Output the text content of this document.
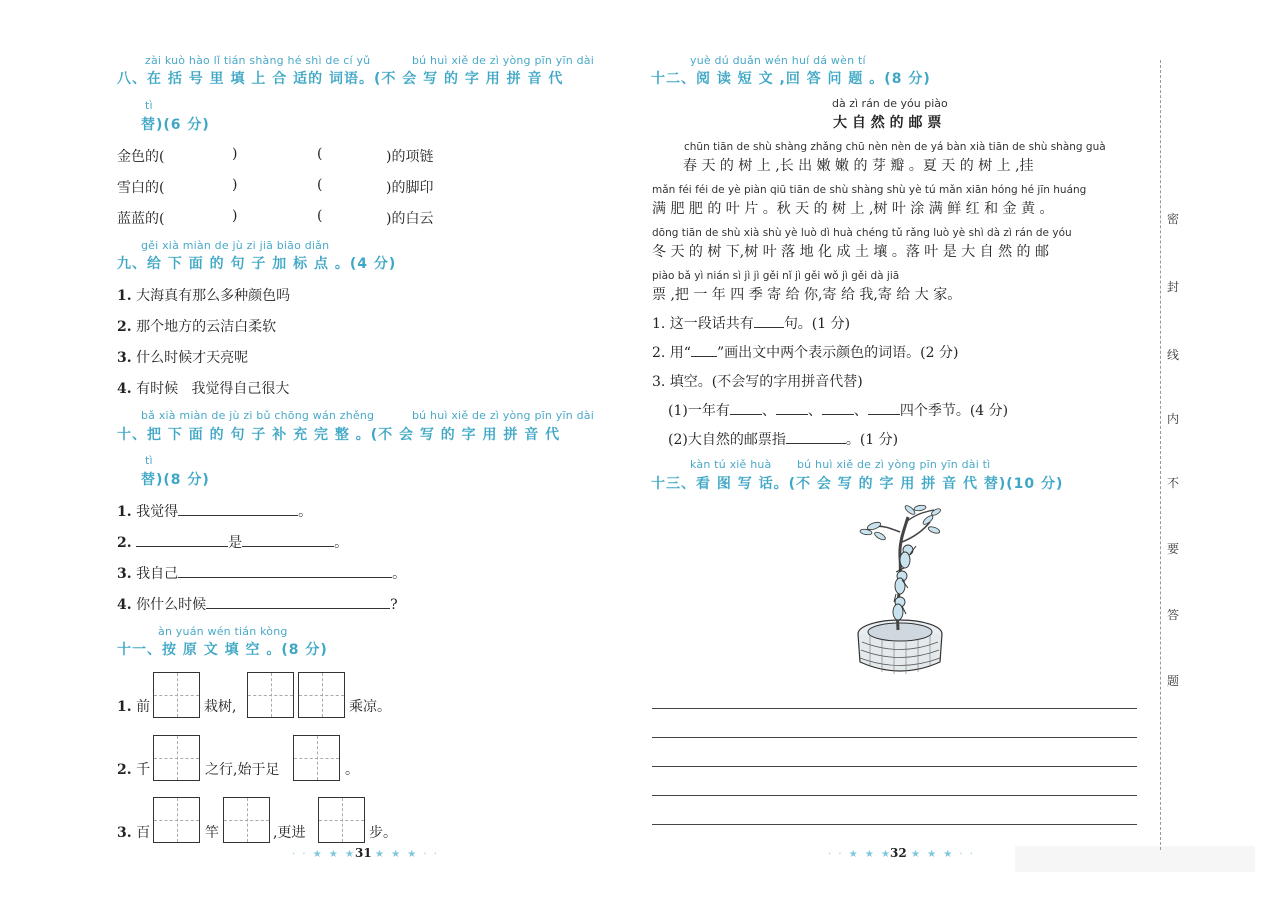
zài kuò hào lǐ tián shàng hé shì de cí yǔ	bú huì xiě de zì yòng pīn yīn dài
八、在 括 号 里 填 上 合 适的 词语。(不 会 写 的 字 用 拼 音 代
tì
替)(6 分)
金色的(	)	(	)的项链
雪白的(	)	(	)的脚印
蓝蓝的(	)	(	)的白云
gěi xià miàn de jù zi jiā biāo diǎn
九、给 下 面 的 句 子 加 标 点 。(4 分)
1. 大海真有那么多种颜色吗
2. 那个地方的云洁白柔软
3. 什么时候才天亮呢
4. 有时候   我觉得自己很大
bǎ xià miàn de jù zi bǔ chōng wán zhěng	bú huì xiě de zì yòng pīn yīn dài
十、把 下 面 的 句 子 补 充 完 整 。(不 会 写 的 字 用 拼 音 代
tì
替)(8 分)
1. 我觉得	。
2.	是	。
3. 我自己	。
4. 你什么时候	?
àn yuán wén tián kòng
十一、按 原 文 填 空 。(8 分)
1. 前	栽树,	乘凉。
2. 千	之行,始于足	。
3. 百	竿	,更进	步。
· · ★ ★ ★ 31 ★ ★ ★ · ·
yuè dú duǎn wén huí dá wèn tí
十二、阅 读 短 文 ,回 答 问 题 。(8 分)
dà zì rán de yóu piào
大 自 然 的 邮 票
chūn tiān de shù shàng zhǎng chū nèn nèn de yá bàn xià tiān de shù shàng guà
春 天 的 树 上 ,长 出 嫩 嫩 的 芽 瓣 。夏 天 的 树 上 ,挂
mǎn féi féi de yè piàn qiū tiān de shù shàng shù yè tú mǎn xiān hóng hé jīn huáng
满 肥 肥 的 叶 片 。秋 天 的 树 上 ,树 叶 涂 满 鲜 红 和 金 黄 。
dōng tiān de shù xià shù yè luò dì huà chéng tǔ rǎng luò yè shì dà zì rán de yóu
冬 天 的 树 下,树 叶 落 地 化 成 土 壤 。落 叶 是 大 自 然 的 邮
piào bǎ yì nián sì jì jì gěi nǐ jì gěi wǒ jì gěi dà jiā
票 ,把 一 年 四 季 寄 给 你,寄 给 我,寄 给 大 家。
1. 这一段话共有 句。(1 分)
2. 用“ ”画出文中两个表示颜色的词语。(2 分)
3. 填空。(不会写的字用拼音代替)
(1)一年有 、 、 、 四个季节。(4 分)
(2)大自然的邮票指	。(1 分)
kàn tú xiě huà bú huì xiě de zì yòng pīn yīn dài tì
十三、看 图 写 话。(不 会 写 的 字 用 拼 音 代 替)(10 分)
· · ★ ★ ★
32 ★ ★ ★ · ·
密
封
线
内
不
要
答
题
